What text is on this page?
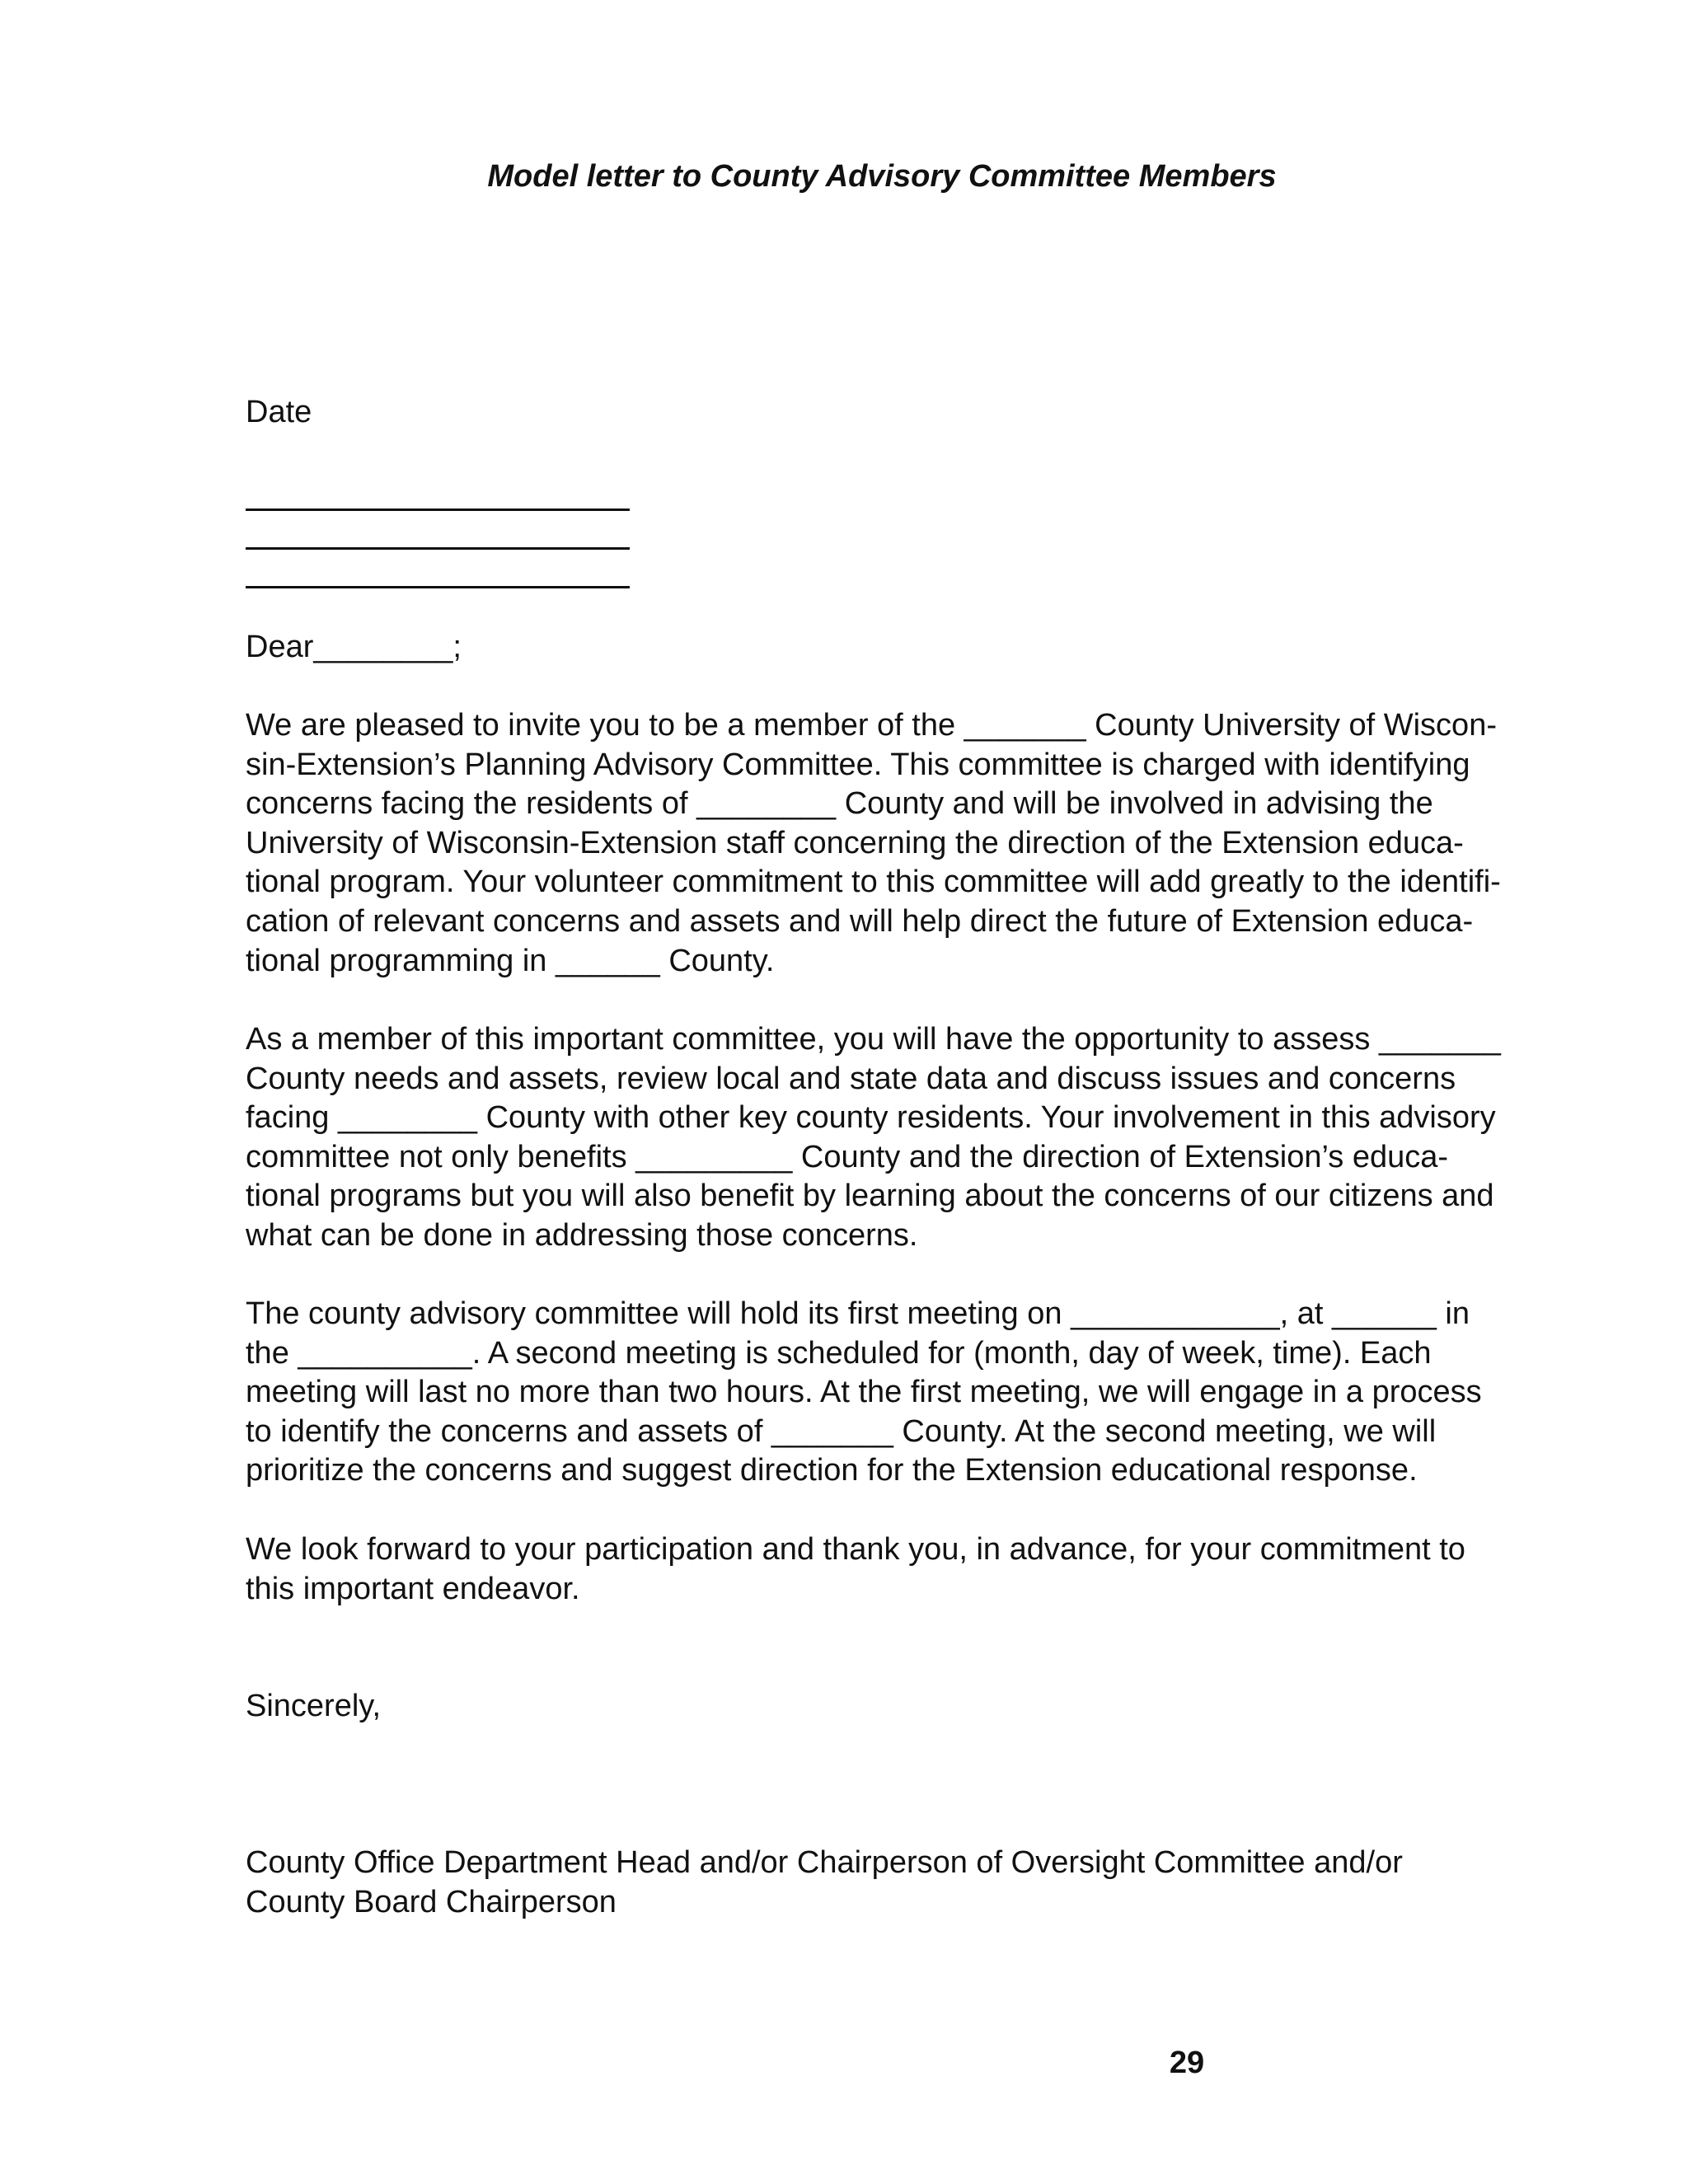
Model letter to County Advisory Committee Members

Date

Dear________;

We are pleased to invite you to be a member of the _______ County University of Wiscon-
sin-Extension’s Planning Advisory Committee. This committee is charged with identifying
concerns facing the residents of ________ County and will be involved in advising the
University of Wisconsin-Extension staff concerning the direction of the Extension educa-
tional program. Your volunteer commitment to this committee will add greatly to the identifi-
cation of relevant concerns and assets and will help direct the future of Extension educa-
tional programming in ______ County.
As a member of this important committee, you will have the opportunity to assess _______
County needs and assets, review local and state data and discuss issues and concerns
facing ________ County with other key county residents. Your involvement in this advisory
committee not only benefits _________ County and the direction of Extension’s educa-
tional programs but you will also benefit by learning about the concerns of our citizens and
what can be done in addressing those concerns.
The county advisory committee will hold its first meeting on ____________, at ______ in
the __________. A second meeting is scheduled for (month, day of week, time). Each
meeting will last no more than two hours. At the first meeting, we will engage in a process
to identify the concerns and assets of _______ County. At the second meeting, we will
prioritize the concerns and suggest direction for the Extension educational response.
We look forward to your participation and thank you, in advance, for your commitment to
this important endeavor.

Sincerely,

County Office Department Head and/or Chairperson of Oversight Committee and/or
County Board Chairperson

29
